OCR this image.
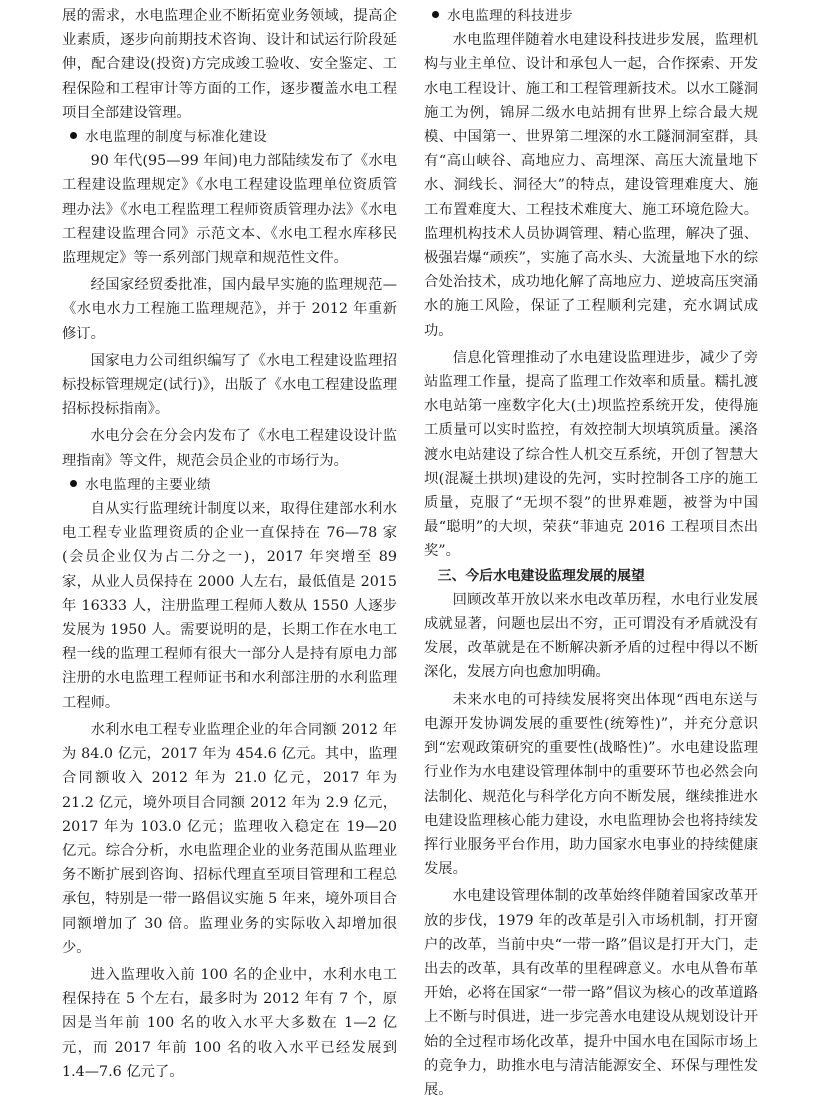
展的需求，水电监理企业不断拓宽业务领域，提高企业素质，逐步向前期技术咨询、设计和试运行阶段延伸，配合建设(投资)方完成竣工验收、安全鉴定、工程保险和工程审计等方面的工作，逐步覆盖水电工程项目全部建设管理。

水电监理的制度与标准化建设

90 年代(95—99 年间)电力部陆续发布了《水电工程建设监理规定》《水电工程建设监理单位资质管理办法》《水电工程监理工程师资质管理办法》《水电工程建设监理合同》示范文本、《水电工程水库移民监理规定》等一系列部门规章和规范性文件。

经国家经贸委批准，国内最早实施的监理规范—《水电水力工程施工监理规范》，并于 2012 年重新修订。

国家电力公司组织编写了《水电工程建设监理招标投标管理规定(试行)》，出版了《水电工程建设监理招标投标指南》。

水电分会在分会内发布了《水电工程建设设计监理指南》等文件，规范会员企业的市场行为。

水电监理的主要业绩

自从实行监理统计制度以来，取得住建部水利水电工程专业监理资质的企业一直保持在 76—78 家(会员企业仅为占二分之一)，2017 年突增至 89 家，从业人员保持在 2000 人左右，最低值是 2015 年 16333 人，注册监理工程师人数从 1550 人逐步发展为 1950 人。需要说明的是，长期工作在水电工程一线的监理工程师有很大一部分人是持有原电力部注册的水电监理工程师证书和水利部注册的水利监理工程师。

水利水电工程专业监理企业的年合同额 2012 年为 84.0 亿元，2017 年为 454.6 亿元。其中，监理合同额收入 2012 年为 21.0 亿元，2017 年为 21.2 亿元，境外项目合同额 2012 年为 2.9 亿元，2017 年为 103.0 亿元；监理收入稳定在 19—20 亿元。综合分析，水电监理企业的业务范围从监理业务不断扩展到咨询、招标代理直至项目管理和工程总承包，特别是一带一路倡议实施 5 年来，境外项目合同额增加了 30 倍。监理业务的实际收入却增加很少。

进入监理收入前 100 名的企业中，水利水电工程保持在 5 个左右，最多时为 2012 年有 7 个，原因是当年前 100 名的收入水平大多数在 1—2 亿元，而 2017 年前 100 名的收入水平已经发展到 1.4—7.6 亿元了。

水电监理的科技进步

水电监理伴随着水电建设科技进步发展，监理机构与业主单位、设计和承包人一起，合作探索、开发水电工程设计、施工和工程管理新技术。以水工隧洞施工为例，锦屏二级水电站拥有世界上综合最大规模、中国第一、世界第二埋深的水工隧洞洞室群，具有“高山峡谷、高地应力、高埋深、高压大流量地下水、洞线长、洞径大”的特点，建设管理难度大、施工布置难度大、工程技术难度大、施工环境危险大。监理机构技术人员协调管理、精心监理，解决了强、极强岩爆“顽疾”，实施了高水头、大流量地下水的综合处治技术，成功地化解了高地应力、逆坡高压突涌水的施工风险，保证了工程顺利完建，充水调试成功。

信息化管理推动了水电建设监理进步，减少了旁站监理工作量，提高了监理工作效率和质量。糯扎渡水电站第一座数字化大(土)坝监控系统开发，使得施工质量可以实时监控，有效控制大坝填筑质量。溪洛渡水电站建设了综合性人机交互系统，开创了智慧大坝(混凝土拱坝)建设的先河，实时控制各工序的施工质量，克服了“无坝不裂”的世界难题，被誉为中国最“聪明”的大坝，荣获“菲迪克 2016 工程项目杰出奖”。

三、今后水电建设监理发展的展望

回顾改革开放以来水电改革历程，水电行业发展成就显著，问题也层出不穷，正可谓没有矛盾就没有发展，改革就是在不断解决新矛盾的过程中得以不断深化，发展方向也愈加明确。

未来水电的可持续发展将突出体现“西电东送与电源开发协调发展的重要性(统筹性)”，并充分意识到“宏观政策研究的重要性(战略性)”。水电建设监理行业作为水电建设管理体制中的重要环节也必然会向法制化、规范化与科学化方向不断发展，继续推进水电建设监理核心能力建设，水电监理协会也将持续发挥行业服务平台作用，助力国家水电事业的持续健康发展。

水电建设管理体制的改革始终伴随着国家改革开放的步伐，1979 年的改革是引入市场机制，打开窗户的改革，当前中央“一带一路”倡议是打开大门，走出去的改革，具有改革的里程碑意义。水电从鲁布革开始，必将在国家“一带一路”倡议为核心的改革道路上不断与时俱进，进一步完善水电建设从规划设计开始的全过程市场化改革，提升中国水电在国际市场上的竞争力，助推水电与清洁能源安全、环保与理性发展。
